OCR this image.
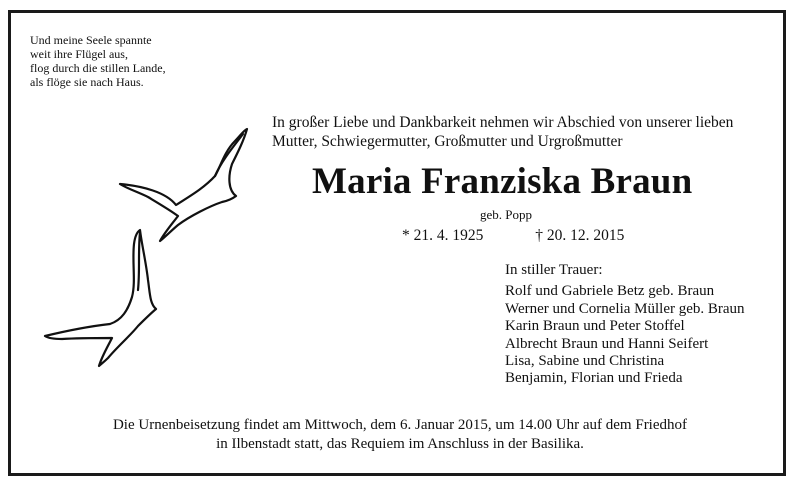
Und meine Seele spannte
weit ihre Flügel aus,
flog durch die stillen Lande,
als flöge sie nach Haus.
In großer Liebe und Dankbarkeit nehmen wir Abschied von unserer lieben
Mutter, Schwiegermutter, Großmutter und Urgroßmutter
Maria Franziska Braun
geb. Popp
* 21. 4. 1925	† 20. 12. 2015
In stiller Trauer:
Rolf und Gabriele Betz geb. Braun
Werner und Cornelia Müller geb. Braun
Karin Braun und Peter Stoffel
Albrecht Braun und Hanni Seifert
Lisa, Sabine und Christina
Benjamin, Florian und Frieda
Die Urnenbeisetzung findet am Mittwoch, dem 6. Januar 2015, um 14.00 Uhr auf dem Friedhof
in Ilbenstadt statt, das Requiem im Anschluss in der Basilika.
